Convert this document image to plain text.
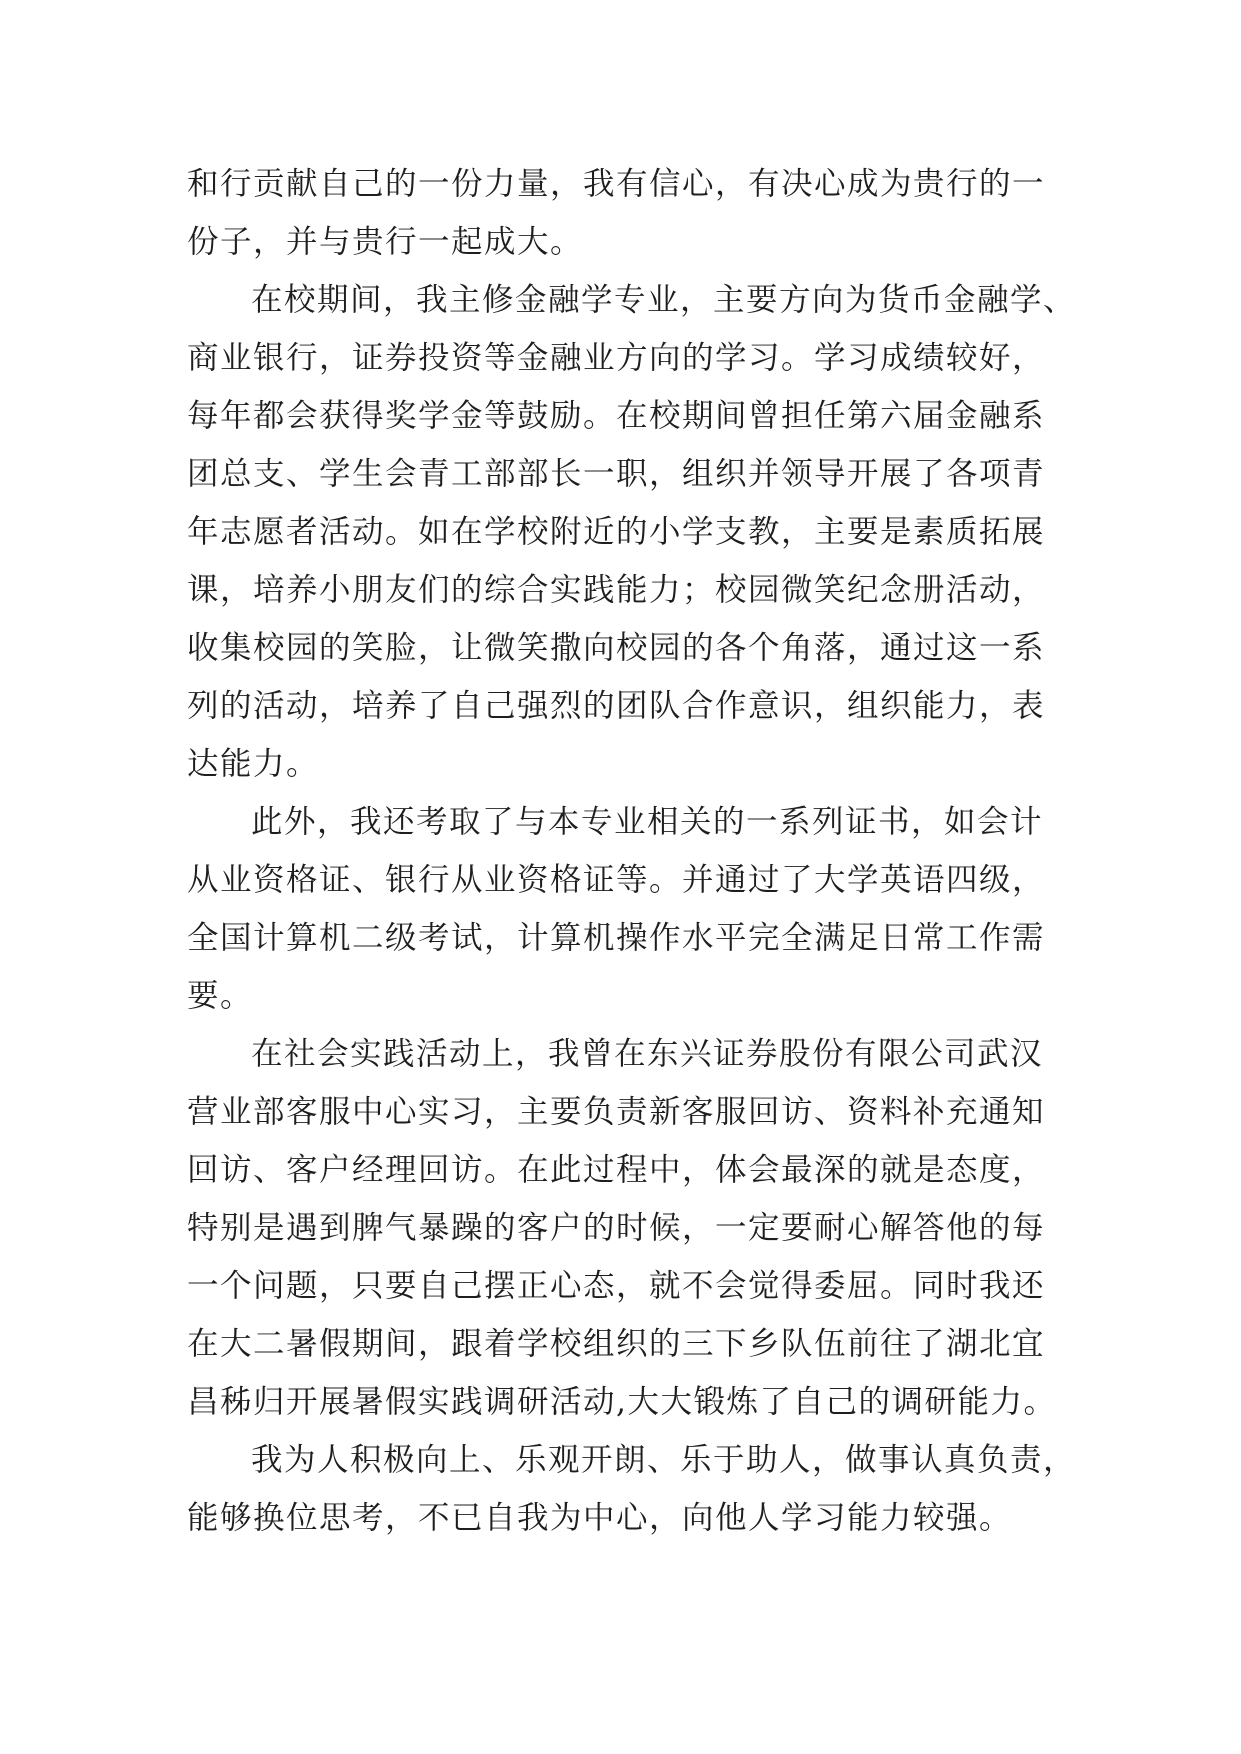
和行贡献自己的一份力量，我有信心，有决心成为贵行的一
份子，并与贵行一起成大。
在校期间，我主修金融学专业，主要方向为货币金融学、
商业银行，证券投资等金融业方向的学习。学习成绩较好，
每年都会获得奖学金等鼓励。在校期间曾担任第六届金融系
团总支、学生会青工部部长一职，组织并领导开展了各项青
年志愿者活动。如在学校附近的小学支教，主要是素质拓展
课，培养小朋友们的综合实践能力；校园微笑纪念册活动，
收集校园的笑脸，让微笑撒向校园的各个角落，通过这一系
列的活动，培养了自己强烈的团队合作意识，组织能力，表
达能力。
此外，我还考取了与本专业相关的一系列证书，如会计
从业资格证、银行从业资格证等。并通过了大学英语四级，
全国计算机二级考试，计算机操作水平完全满足日常工作需
要。
在社会实践活动上，我曾在东兴证券股份有限公司武汉
营业部客服中心实习，主要负责新客服回访、资料补充通知
回访、客户经理回访。在此过程中，体会最深的就是态度，
特别是遇到脾气暴躁的客户的时候，一定要耐心解答他的每
一个问题，只要自己摆正心态，就不会觉得委屈。同时我还
在大二暑假期间，跟着学校组织的三下乡队伍前往了湖北宜
昌秭归开展暑假实践调研活动,大大锻炼了自己的调研能力。
我为人积极向上、乐观开朗、乐于助人，做事认真负责，
能够换位思考，不已自我为中心，向他人学习能力较强。
